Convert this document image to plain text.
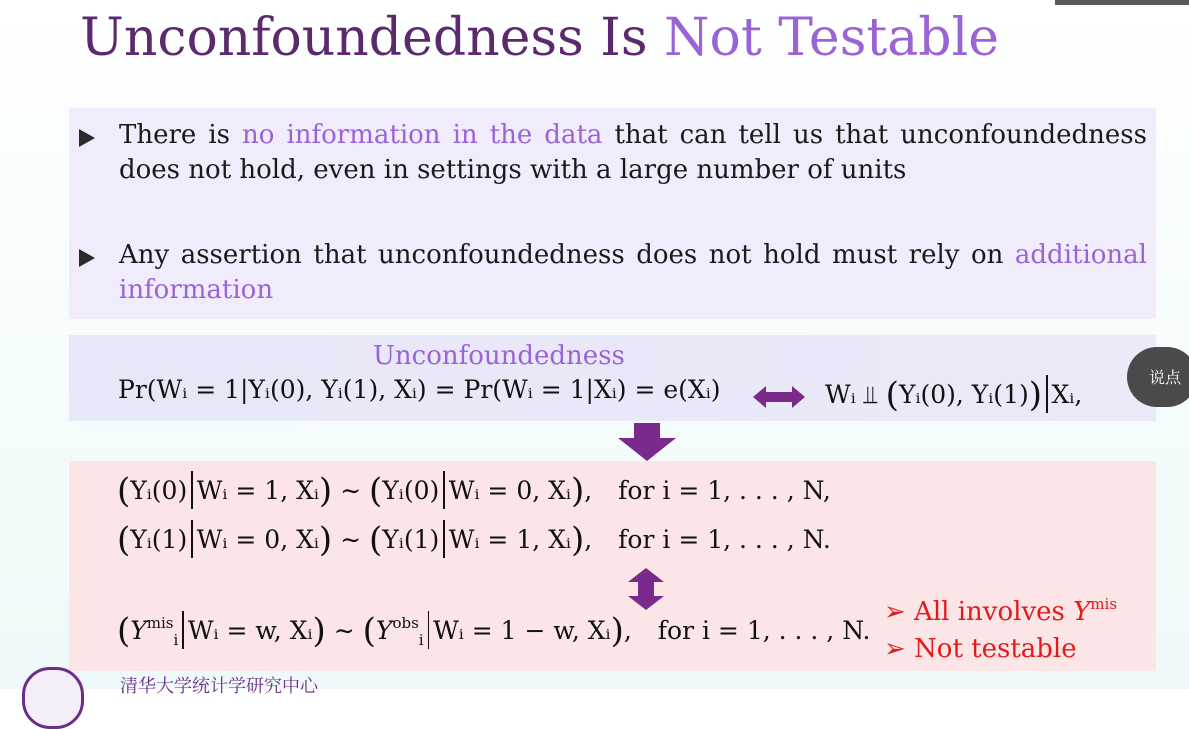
Unconfoundedness Is Not Testable
There is no information in the data that can tell us that unconfoundedness does not hold, even in settings with a large number of units
Any assertion that unconfoundedness does not hold must rely on additional information
Unconfoundedness
Pr(Wᵢ = 1|Yᵢ(0), Yᵢ(1), Xᵢ) = Pr(Wᵢ = 1|Xᵢ) = e(Xᵢ)	Wᵢ ⫫ (Yᵢ(0), Yᵢ(1)) Xᵢ,
(Yᵢ(0) Wᵢ = 1, Xᵢ) ∼ (Yᵢ(0) Wᵢ = 0, Xᵢ), for i = 1, . . . , N,
(Yᵢ(1) Wᵢ = 0, Xᵢ) ∼ (Yᵢ(1) Wᵢ = 1, Xᵢ), for i = 1, . . . , N.
($Y^{mis}_i$ Wᵢ = w, Xᵢ) ∼ ($Y^{obs}_i$ Wᵢ = 1 − w, Xᵢ), for i = 1, . . . , N.
➢ All involves $Y^{mis}$
➢ Not testable
说点
清华大学统计学研究中心
